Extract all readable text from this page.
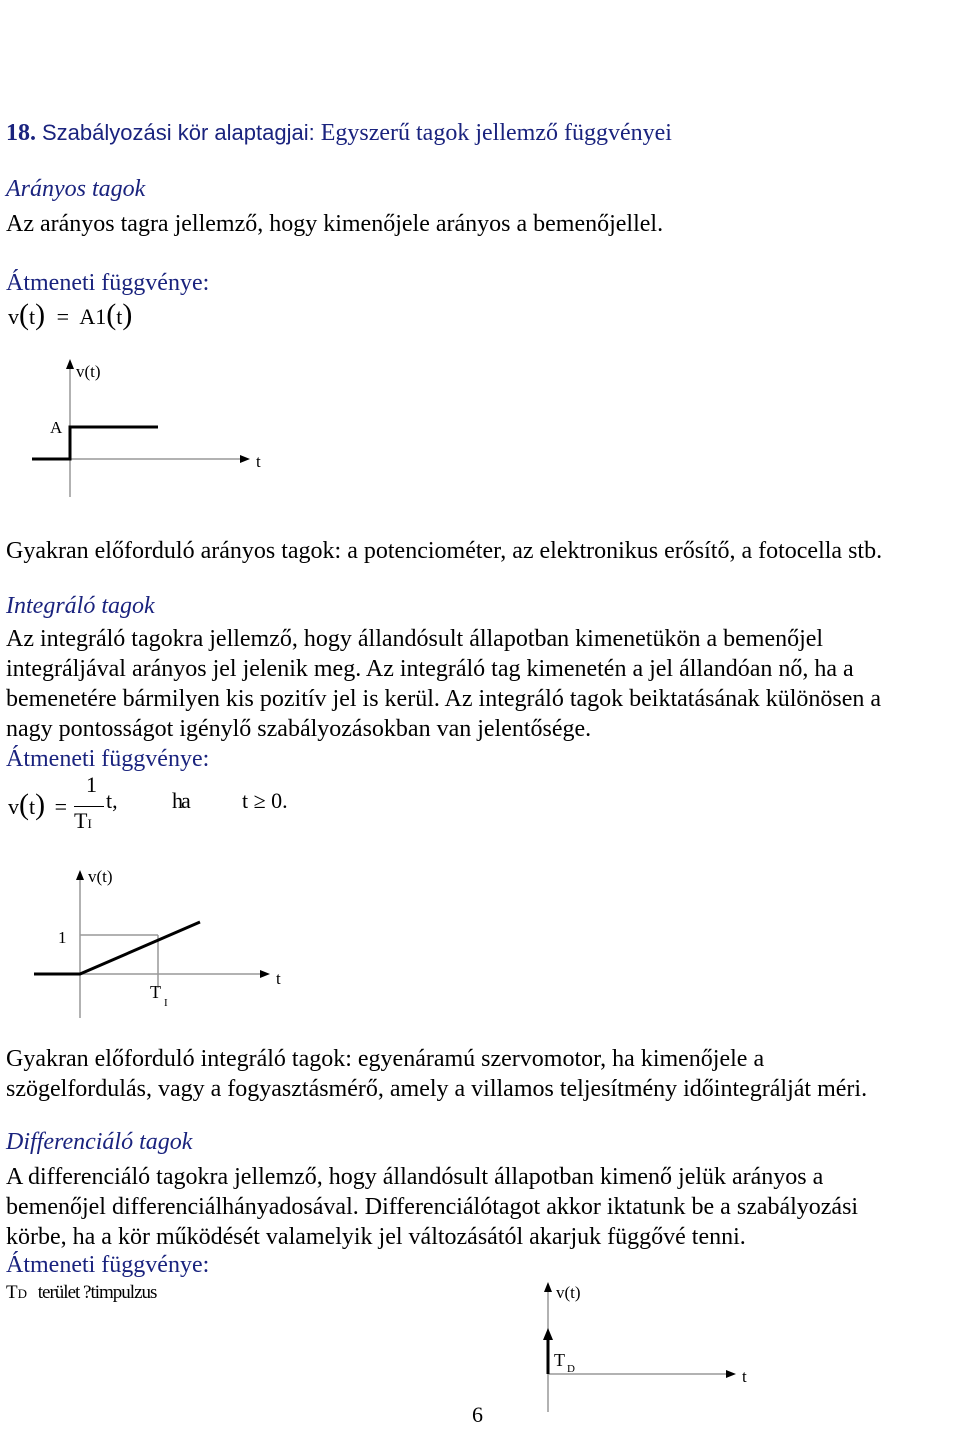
18. Szabályozási kör alaptagjai: Egyszerű tagok jellemző függvényei
Arányos tagok
Az arányos tagra jellemző, hogy kimenőjele arányos a bemenőjellel.
Átmeneti függvénye:
v(t) = A1(t)
v(t)
A
t
Gyakran előforduló arányos tagok: a potenciométer, az elektronikus erősítő, a fotocella stb.
Integráló tagok

Az integráló tagokra jellemző, hogy állandósult állapotban kimenetükön a bemenőjel

integráljával arányos jel jelenik meg. Az integráló tag kimenetén a jel állandóan nő, ha a

bemenetére bármilyen kis pozitív jel is kerül. Az integráló tagok beiktatásának különösen a

nagy pontosságot igénylő szabályozásokban van jelentősége.

Átmeneti függvénye:
v(t) =
1
TI
t, ha t ≥ 0.
v(t)
1
t
T
I

Gyakran előforduló integráló tagok: egyenáramú szervomotor, ha kimenőjele a

szögelfordulás, vagy a fogyasztásmérő, amely a villamos teljesítmény időintegrálját méri.

Differenciáló tagok

A differenciáló tagokra jellemző, hogy állandósult állapotban kimenő jelük arányos a

bemenőjel differenciálhányadosával. Differenciálótagot akkor iktatunk be a szabályozási

körbe, ha a kör működését valamelyik jel változásától akarjuk függővé tenni.

Átmeneti függvénye:
TD terület ?timpulzus	v(t)
T D	t
6
